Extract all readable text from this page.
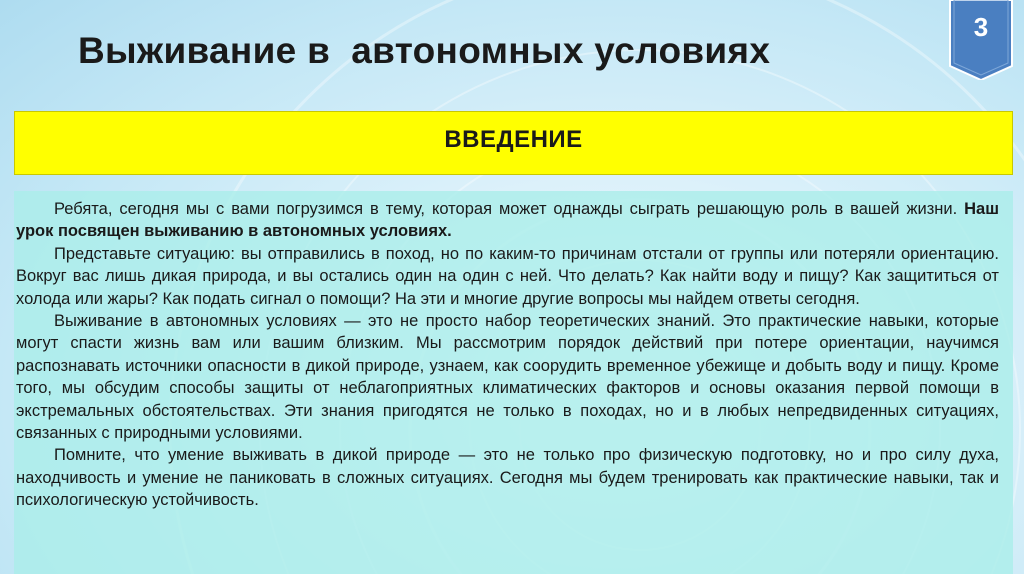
Выживание в  автономных условиях
3
ВВЕДЕНИЕ

Ребята, сегодня мы с вами погрузимся в тему, которая может однажды сыграть решающую роль в вашей жизни. Наш урок посвящен выживанию в автономных условиях.

Представьте ситуацию: вы отправились в поход, но по каким-то причинам отстали от группы или потеряли ориентацию. Вокруг вас лишь дикая природа, и вы остались один на один с ней. Что делать? Как найти воду и пищу? Как защититься от холода или жары? Как подать сигнал о помощи? На эти и многие другие вопросы мы найдем ответы сегодня.

Выживание в автономных условиях — это не просто набор теоретических знаний. Это практические навыки, которые могут спасти жизнь вам или вашим близким. Мы рассмотрим порядок действий при потере ориентации, научимся распознавать источники опасности в дикой природе, узнаем, как соорудить временное убежище и добыть воду и пищу. Кроме того, мы обсудим способы защиты от неблагоприятных климатических факторов и основы оказания первой помощи в экстремальных обстоятельствах. Эти знания пригодятся не только в походах, но и в любых непредвиденных ситуациях, связанных с природными условиями.

Помните, что умение выживать в дикой природе — это не только про физическую подготовку, но и про силу духа, находчивость и умение не паниковать в сложных ситуациях. Сегодня мы будем тренировать как практические навыки, так и психологическую устойчивость.
